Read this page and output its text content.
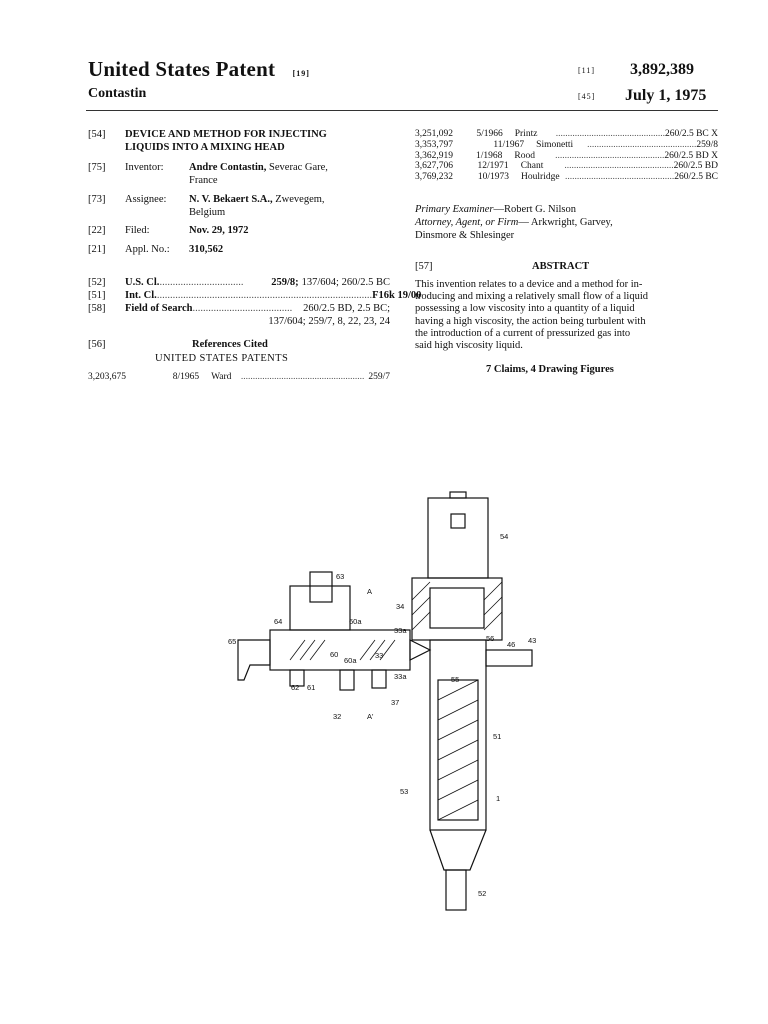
United States Patent [19]
Contastin
[11] 3,892,389
[45] July 1, 1975
[54] DEVICE AND METHOD FOR INJECTING
LIQUIDS INTO A MIXING HEAD
[75] Inventor: Andre Contastin, Severac Gare,
France
[73] Assignee: N. V. Bekaert S.A., Zwevegem,
Belgium
[22] Filed:	Nov. 29, 1972
[21] Appl. No.: 310,562
[52] U.S. Cl. ................................	259/8; 137/604; 260/2.5 BC
[51] Int. Cl. .................................................................................. F16k 19/00
[58] Field of Search ......................................	260/2.5 BD, 2.5 BC;
137/604; 259/7, 8, 22, 23, 24
[56]	References Cited
UNITED STATES PATENTS
3,203,675	8/1965	Ward .................................................... 259/7
3,251,092	5/1966	Printz	.............................................. 260/2.5 BC X
3,353,797	11/1967	Simonetti	.............................................. 259/8
3,362,919	1/1968	Rood	.............................................. 260/2.5 BD X
3,627,706	12/1971	Chant	.............................................. 260/2.5 BD
3,769,232	10/1973	Houlridge .............................................. 260/2.5 BC
Primary Examiner—Robert G. Nilson
Attorney, Agent, or Firm— Arkwright, Garvey,
Dinsmore & Shlesinger
[57]	ABSTRACT
This invention relates to a device and a method for in-
troducing and mixing a relatively small flow of a liquid
possessing a low viscosity into a quantity of a liquid
having a high viscosity, the action being turbulent with
the introduction of a current of pressurized gas into
said high viscosity liquid.
7 Claims, 4 Drawing Figures
54
63
A
34
64	60a
33a
65
60
60a
33
56
46 43
55
62 61
33a
32	A'
37
51
53
1
52
